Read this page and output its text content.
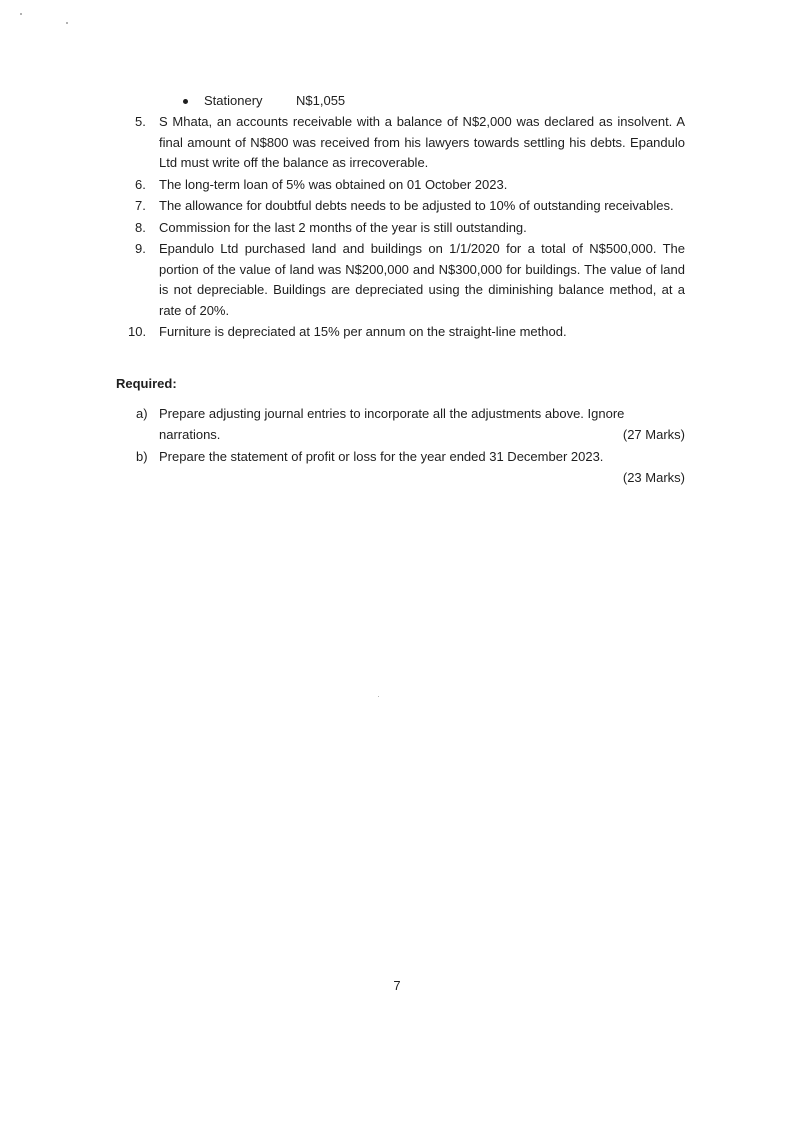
Stationery	N$1,055
5.	S Mhata, an accounts receivable with a balance of N$2,000 was declared as insolvent. A final amount of N$800 was received from his lawyers towards settling his debts. Epandulo Ltd must write off the balance as irrecoverable.
6.	The long-term loan of 5% was obtained on 01 October 2023.
7.	The allowance for doubtful debts needs to be adjusted to 10% of outstanding receivables.
8.	Commission for the last 2 months of the year is still outstanding.
9.	Epandulo Ltd purchased land and buildings on 1/1/2020 for a total of N$500,000. The portion of the value of land was N$200,000 and N$300,000 for buildings. The value of land is not depreciable. Buildings are depreciated using the diminishing balance method, at a rate of 20%.
10. Furniture is depreciated at 15% per annum on the straight-line method.
Required:
a) Prepare adjusting journal entries to incorporate all the adjustments above. Ignore
narrations.	(27 Marks)
b) Prepare the statement of profit or loss for the year ended 31 December 2023.
(23 Marks)
7
